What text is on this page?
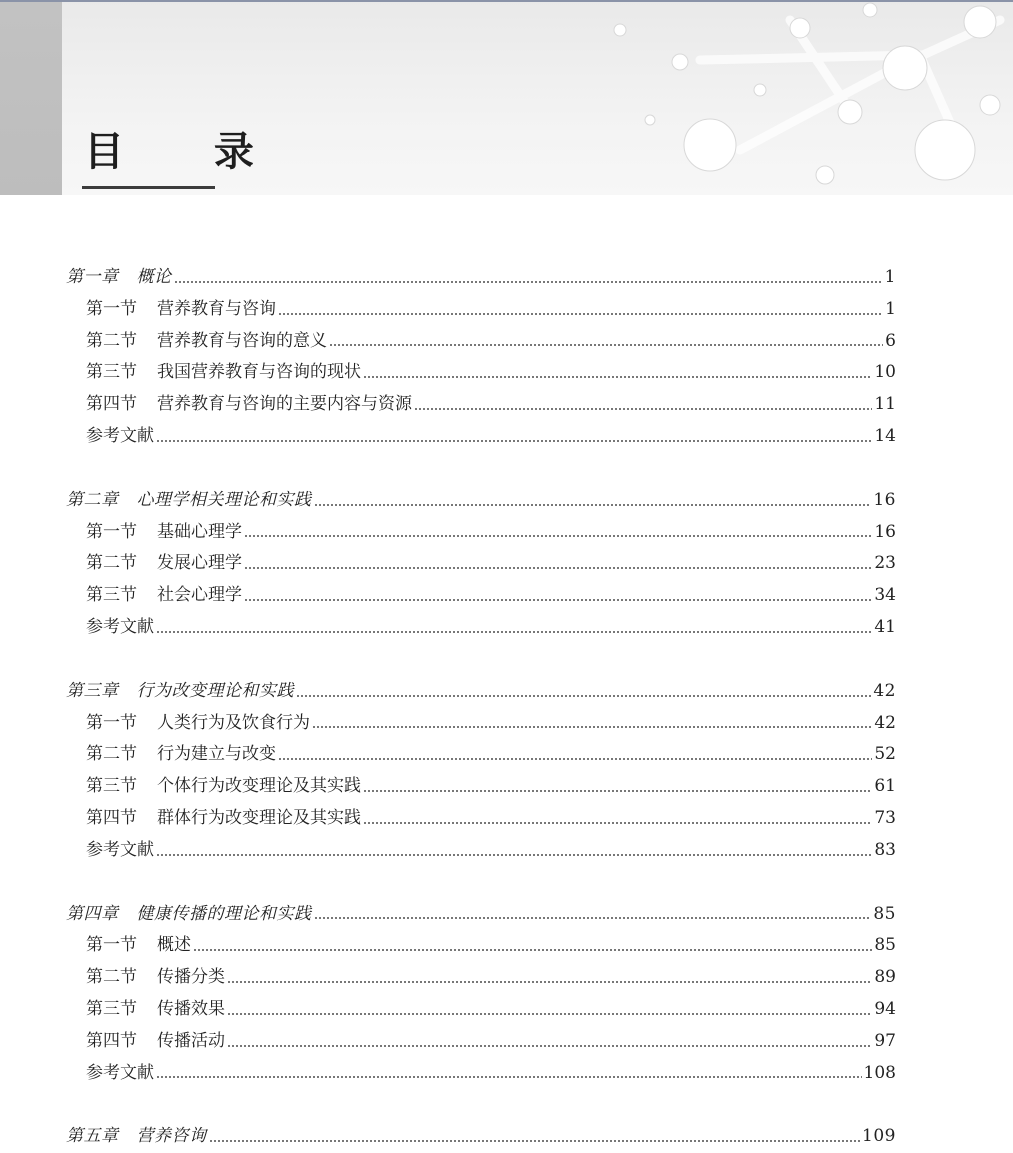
目 录
第一章 概论	1
第一节 营养教育与咨询	1
第二节 营养教育与咨询的意义	6
第三节 我国营养教育与咨询的现状	10
第四节 营养教育与咨询的主要内容与资源	11
参考文献	14
第二章 心理学相关理论和实践	16
第一节 基础心理学	16
第二节 发展心理学	23
第三节 社会心理学	34
参考文献	41
第三章 行为改变理论和实践	42
第一节 人类行为及饮食行为	42
第二节 行为建立与改变	52
第三节 个体行为改变理论及其实践	61
第四节 群体行为改变理论及其实践	73
参考文献	83
第四章 健康传播的理论和实践	85
第一节 概述	85
第二节 传播分类	89
第三节 传播效果	94
第四节 传播活动	97
参考文献	108
第五章 营养咨询	109
